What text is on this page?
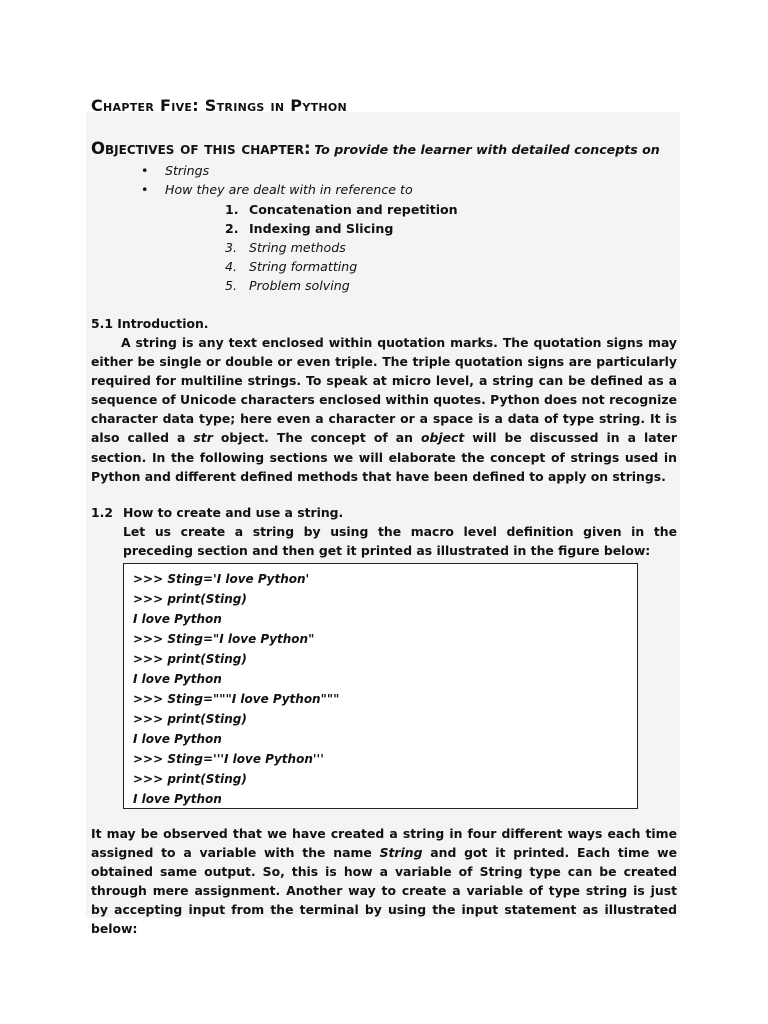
Chapter Five: Strings in Python
Objectives of this chapter: To provide the learner with detailed concepts on
• Strings
• How they are dealt with in reference to
1. Concatenation and repetition
2. Indexing and Slicing
3. String methods
4. String formatting
5. Problem solving
5.1 Introduction.

A string is any text enclosed within quotation marks. The quotation signs may either be single or double or even triple. The triple quotation signs are particularly required for multiline strings. To speak at micro level, a string can be defined as a sequence of Unicode characters enclosed within quotes. Python does not recognize character data type; here even a character or a space is a data of type string. It is also called a str object. The concept of an object will be discussed in a later section. In the following sections we will elaborate the concept of strings used in Python and different defined methods that have been defined to apply on strings.

1.2 How to create and use a string.

Let us create a string by using the macro level definition given in the preceding section and then get it printed as illustrated in the figure below:

>>> Sting='I love Python'
>>> print(Sting)
I love Python
>>> Sting="I love Python"
>>> print(Sting)
I love Python
>>> Sting="""I love Python"""
>>> print(Sting)
I love Python
>>> Sting='''I love Python'''
>>> print(Sting)
I love Python

It may be observed that we have created a string in four different ways each time assigned to a variable with the name String and got it printed. Each time we obtained same output. So, this is how a variable of String type can be created through mere assignment. Another way to create a variable of type string is just by accepting input from the terminal by using the input statement as illustrated below:
